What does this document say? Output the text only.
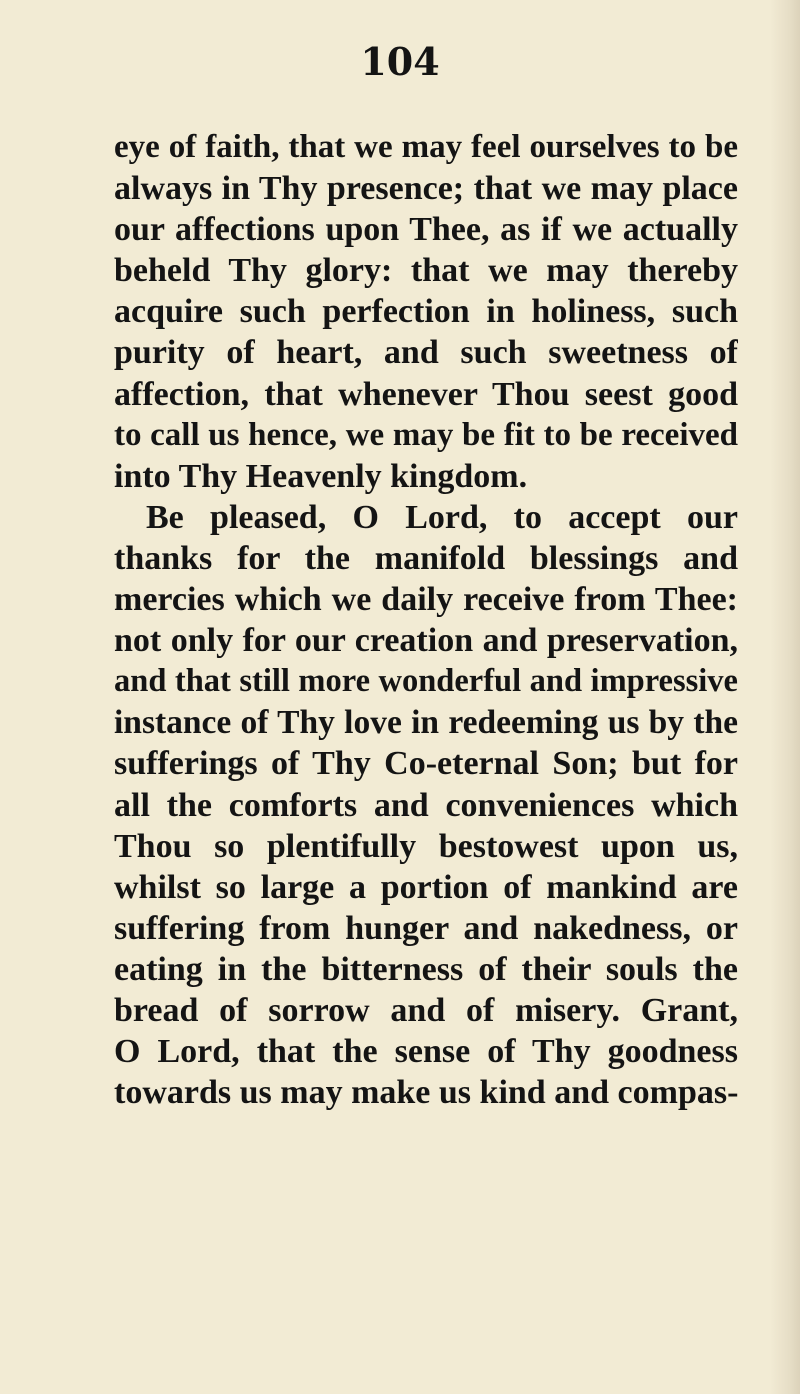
104
eye of faith, that we may feel ourselves to be
always in Thy presence; that we may place
our affections upon Thee, as if we actually
beheld Thy glory: that we may thereby
acquire such perfection in holiness, such
purity of heart, and such sweetness of
affection, that whenever Thou seest good
to call us hence, we may be fit to be received
into Thy Heavenly kingdom.
Be pleased, O Lord, to accept our
thanks for the manifold blessings and
mercies which we daily receive from Thee:
not only for our creation and preservation,
and that still more wonderful and impressive
instance of Thy love in redeeming us by the
sufferings of Thy Co-eternal Son; but for
all the comforts and conveniences which
Thou so plentifully bestowest upon us,
whilst so large a portion of mankind are
suffering from hunger and nakedness, or
eating in the bitterness of their souls the
bread of sorrow and of misery. Grant,
O Lord, that the sense of Thy goodness
towards us may make us kind and compas-
